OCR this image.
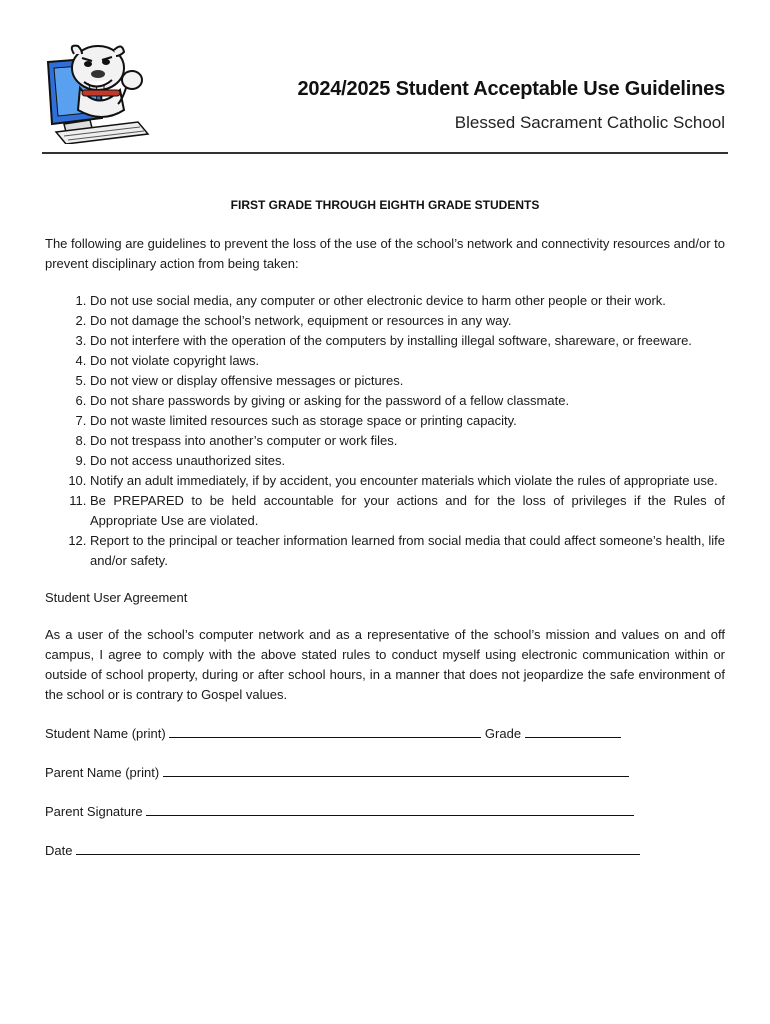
2024/2025 Student Acceptable Use Guidelines
Blessed Sacrament Catholic School
FIRST GRADE THROUGH EIGHTH GRADE STUDENTS

The following are guidelines to prevent the loss of the use of the school’s network and connectivity resources and/or to prevent disciplinary action from being taken:

1. Do not use social media, any computer or other electronic device to harm other people or their work.
2. Do not damage the school’s network, equipment or resources in any way.
3. Do not interfere with the operation of the computers by installing illegal software, shareware, or freeware.
4. Do not violate copyright laws.
5. Do not view or display offensive messages or pictures.
6. Do not share passwords by giving or asking for the password of a fellow classmate.
7. Do not waste limited resources such as storage space or printing capacity.
8. Do not trespass into another’s computer or work files.
9. Do not access unauthorized sites.
10. Notify an adult immediately, if by accident, you encounter materials which violate the rules of appropriate use.
11. Be PREPARED to be held accountable for your actions and for the loss of privileges if the Rules of Appropriate Use are violated.
12. Report to the principal or teacher information learned from social media that could affect someone’s health, life and/or safety.
Student User Agreement

As a user of the school’s computer network and as a representative of the school’s mission and values on and off campus, I agree to comply with the above stated rules to conduct myself using electronic communication within or outside of school property, during or after school hours, in a manner that does not jeopardize the safe environment of the school or is contrary to Gospel values.

Student Name (print)	Grade
Parent Name (print)
Parent Signature
Date
